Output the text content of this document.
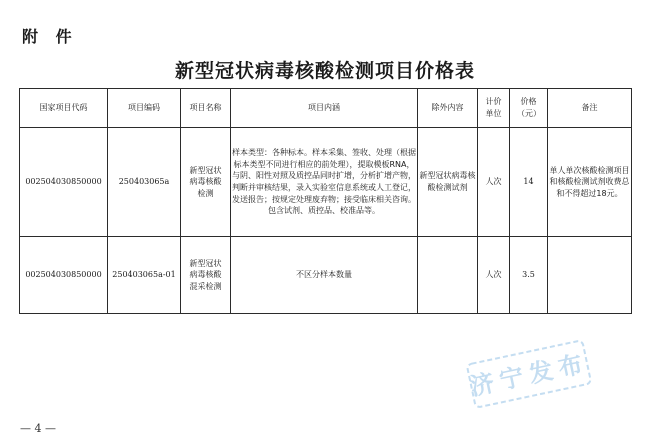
附 件
新型冠状病毒核酸检测项目价格表
国家项目代码	项目编码	项目名称	项目内涵	除外内容	计价单位	价格（元）	备注
002504030850000	250403065a	新型冠状病毒核酸检测	样本类型：各种标本。样本采集、签收、处理（根据标本类型不同进行相应的前处理），提取模板RNA，与阴、阳性对照及质控品同时扩增，分析扩增产物，判断并审核结果，录入实验室信息系统或人工登记，发送报告；按规定处理废弃物；接受临床相关咨询。包含试剂、质控品、校准品等。	新型冠状病毒核酸检测试剂	人次	14	单人单次核酸检测项目和核酸检测试剂收费总和不得超过18元。
002504030850000	250403065a-01	新型冠状病毒核酸混采检测	不区分样本数量		人次	3.5	
济宁发布
— 4 —
